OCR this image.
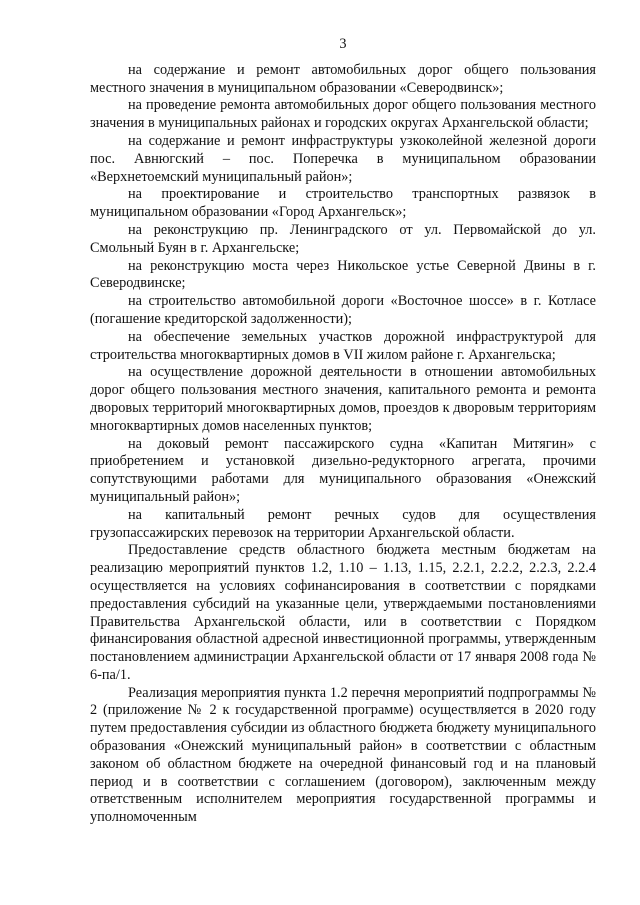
3

на содержание и ремонт автомобильных дорог общего пользования местного значения в муниципальном образовании «Северодвинск»;

на проведение ремонта автомобильных дорог общего пользования местного значения в муниципальных районах и городских округах Архангельской области;

на содержание и ремонт инфраструктуры узкоколейной железной дороги пос. Авнюгский – пос. Поперечка в муниципальном образовании «Верхнетоемский муниципальный район»;

на проектирование и строительство транспортных развязок в муниципальном образовании «Город Архангельск»;

на реконструкцию пр. Ленинградского от ул. Первомайской до ул. Смольный Буян в г. Архангельске;

на реконструкцию моста через Никольское устье Северной Двины в г. Северодвинске;

на строительство автомобильной дороги «Восточное шоссе» в г. Котласе (погашение кредиторской задолженности);

на обеспечение земельных участков дорожной инфраструктурой для строительства многоквартирных домов в VII жилом районе г. Архангельска;

на осуществление дорожной деятельности в отношении автомобильных дорог общего пользования местного значения, капитального ремонта и ремонта дворовых территорий многоквартирных домов, проездов к дворовым территориям многоквартирных домов населенных пунктов;

на доковый ремонт пассажирского судна «Капитан Митягин» с приобретением и установкой дизельно-редукторного агрегата, прочими сопутствующими работами для муниципального образования «Онежский муниципальный район»;

на капитальный ремонт речных судов для осуществления грузопассажирских перевозок на территории Архангельской области.

Предоставление средств областного бюджета местным бюджетам на реализацию мероприятий пунктов 1.2, 1.10 – 1.13, 1.15, 2.2.1, 2.2.2, 2.2.3, 2.2.4 осуществляется на условиях софинансирования в соответствии с порядками предоставления субсидий на указанные цели, утверждаемыми постановлениями Правительства Архангельской области, или в соответствии с Порядком финансирования областной адресной инвестиционной программы, утвержденным постановлением администрации Архангельской области от 17 января 2008 года № 6-па/1.

Реализация мероприятия пункта 1.2 перечня мероприятий подпрограммы № 2 (приложение № 2 к государственной программе) осуществляется в 2020 году путем предоставления субсидии из областного бюджета бюджету муниципального образования «Онежский муниципальный район» в соответствии с областным законом об областном бюджете на очередной финансовый год и на плановый период и в соответствии с соглашением (договором), заключенным между ответственным исполнителем мероприятия государственной программы и уполномоченным
